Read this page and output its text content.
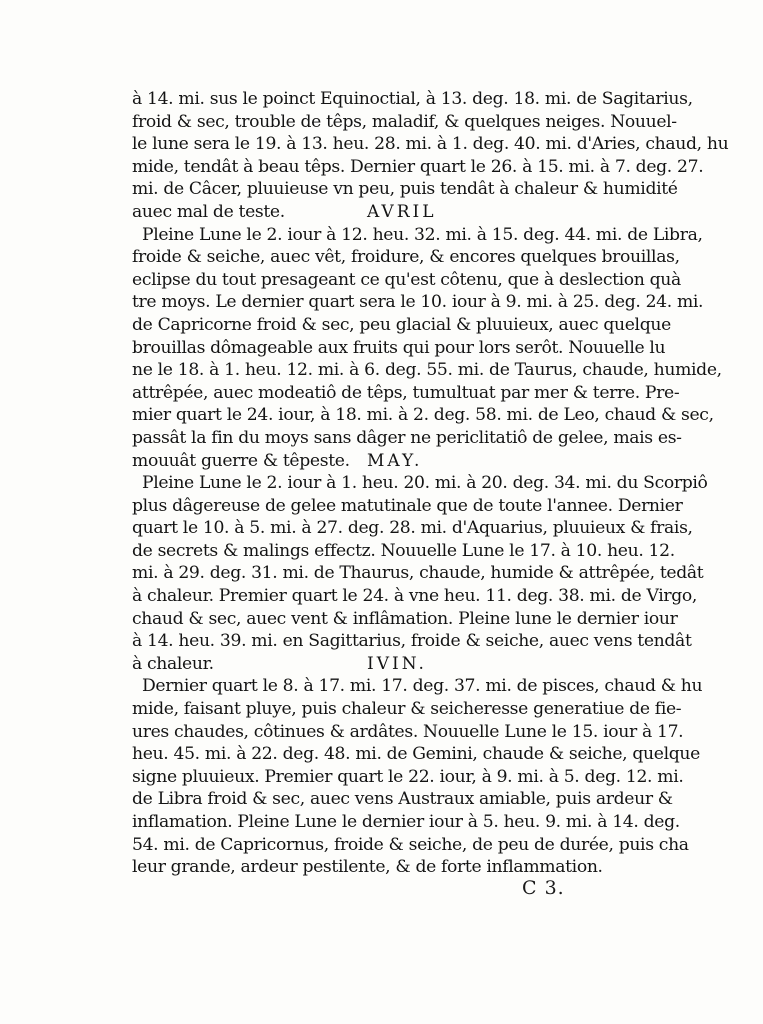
à 14. mi. sus le poinct Equinoctial, à 13. deg. 18. mi. de Sagitarius,
froid & sec, trouble de têps, maladif, & quelques neiges. Nouuel-
le lune sera le 19. à 13. heu. 28. mi. à 1. deg. 40. mi. d'Aries, chaud, hu
mide, tendât à beau têps. Dernier quart le 26. à 15. mi. à 7. deg. 27.
mi. de Câcer, pluuieuse vn peu, puis tendât à chaleur & humidité
auec mal de teste.	AVRIL
Pleine Lune le 2. iour à 12. heu. 32. mi. à 15. deg. 44. mi. de Libra,
froide & seiche, auec vêt, froidure, & encores quelques brouillas,
eclipse du tout presageant ce qu'est côtenu, que à deslection quà
tre moys. Le dernier quart sera le 10. iour à 9. mi. à 25. deg. 24. mi.
de Capricorne froid & sec, peu glacial & pluuieux, auec quelque
brouillas dômageable aux fruits qui pour lors serôt. Nouuelle lu
ne le 18. à 1. heu. 12. mi. à 6. deg. 55. mi. de Taurus, chaude, humide,
attrêpée, auec modeatiô de têps, tumultuat par mer & terre. Pre-
mier quart le 24. iour, à 18. mi. à 2. deg. 58. mi. de Leo, chaud & sec,
passât la fin du moys sans dâger ne periclitatiô de gelee, mais es-
mouuât guerre & têpeste. MAY.
Pleine Lune le 2. iour à 1. heu. 20. mi. à 20. deg. 34. mi. du Scorpiô
plus dâgereuse de gelee matutinale que de toute l'annee. Dernier
quart le 10. à 5. mi. à 27. deg. 28. mi. d'Aquarius, pluuieux & frais,
de secrets & malings effectz. Nouuelle Lune le 17. à 10. heu. 12.
mi. à 29. deg. 31. mi. de Thaurus, chaude, humide & attrêpée, tedât
à chaleur. Premier quart le 24. à vne heu. 11. deg. 38. mi. de Virgo,
chaud & sec, auec vent & inflâmation. Pleine lune le dernier iour
à 14. heu. 39. mi. en Sagittarius, froide & seiche, auec vens tendât
à chaleur.	IVIN.
Dernier quart le 8. à 17. mi. 17. deg. 37. mi. de pisces, chaud & hu
mide, faisant pluye, puis chaleur & seicheresse generatiue de fie-
ures chaudes, côtinues & ardâtes. Nouuelle Lune le 15. iour à 17.
heu. 45. mi. à 22. deg. 48. mi. de Gemini, chaude & seiche, quelque
signe pluuieux. Premier quart le 22. iour, à 9. mi. à 5. deg. 12. mi.
de Libra froid & sec, auec vens Austraux amiable, puis ardeur &
inflamation. Pleine Lune le dernier iour à 5. heu. 9. mi. à 14. deg.
54. mi. de Capricornus, froide & seiche, de peu de durée, puis cha
leur grande, ardeur pestilente, & de forte inflammation.
C 3.
